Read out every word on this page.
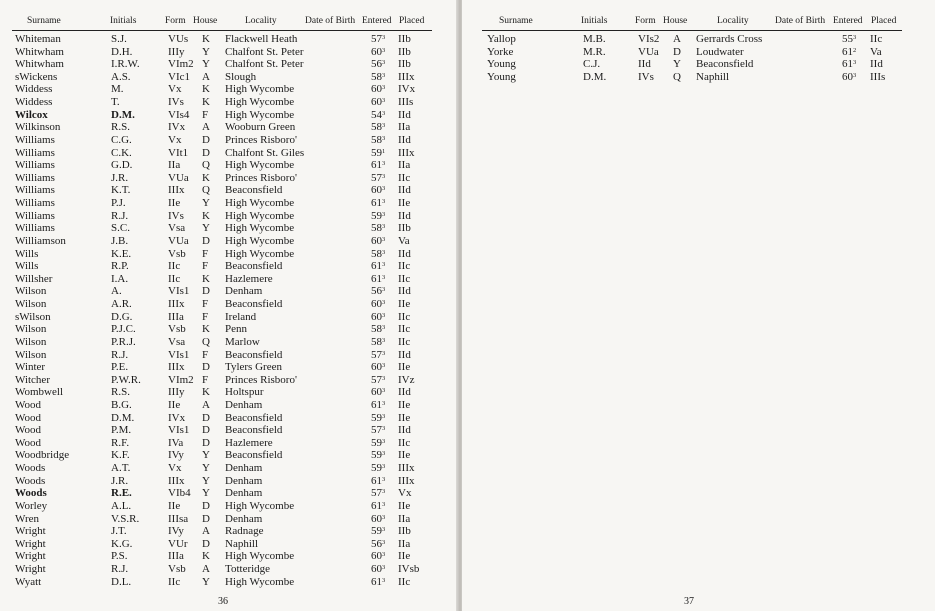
Surname	Initials	Form House	Locality	Date of Birth Entered Placed
Whiteman	S.J.	VUs K Flackwell Heath	$57^3$ IIb
Whitwham	D.H.	IIIy Y Chalfont St. Peter	$60^3$ IIb
Whitwham	I.R.W.	VIm2 Y Chalfont St. Peter	$56^3$ IIb
sWickens	A.S.	VIc1 A Slough	$58^3$ IIIx
Widdess	M.	Vx K High Wycombe	$60^3$ IVx
Widdess	T.	IVs K High Wycombe	$60^3$ IIIs
Wilcox	D.M.	VIs4 F High Wycombe	$54^3$ IId
Wilkinson	R.S.	IVx A Wooburn Green	$58^3$ IIa
Williams	C.G.	Vx D Princes Risboro'	$58^3$ IId
Williams	C.K.	VIt1 D Chalfont St. Giles	$59^1$ IIIx
Williams	G.D.	IIa Q High Wycombe	$61^3$ IIa
Williams	J.R.	VUa K Princes Risboro'	$57^3$ IIc
Williams	K.T.	IIIx Q Beaconsfield	$60^3$ IId
Williams	P.J.	IIe Y High Wycombe	$61^3$ IIe
Williams	R.J.	IVs K High Wycombe	$59^3$ IId
Williams	S.C.	Vsa Y High Wycombe	$58^3$ IIb
Williamson	J.B.	VUa D High Wycombe	$60^3$ Va
Wills	K.E.	Vsb F High Wycombe	$58^3$ IId
Wills	R.P.	IIc F Beaconsfield	$61^3$ IIc
Willsher	I.A.	IIc K Hazlemere	$61^3$ IIc
Wilson	A.	VIs1 D Denham	$56^3$ IId
Wilson	A.R.	IIIx F Beaconsfield	$60^3$ IIe
sWilson	D.G.	IIIa F Ireland	$60^3$ IIc
Wilson	P.J.C.	Vsb K Penn	$58^3$ IIc
Wilson	P.R.J.	Vsa Q Marlow	$58^3$ IIc
Wilson	R.J.	VIs1 F Beaconsfield	$57^3$ IId
Winter	P.E.	IIIx D Tylers Green	$60^3$ IIe
Witcher	P.W.R. VIm2 F Princes Risboro'	$57^3$ IVz
Wombwell	R.S.	IIIy K Holtspur	$60^3$ IId
Wood	B.G.	IIe A Denham	$61^3$ IIe
Wood	D.M.	IVx D Beaconsfield	$59^3$ IIe
Wood	P.M.	VIs1 D Beaconsfield	$57^3$ IId
Wood	R.F.	IVa D Hazlemere	$59^3$ IIc
Woodbridge	K.F.	IVy Y Beaconsfield	$59^3$ IIe
Woods	A.T.	Vx Y Denham	$59^3$ IIIx
Woods	J.R.	IIIx Y Denham	$61^3$ IIIx
Woods	R.E.	VIb4 Y Denham	$57^3$ Vx
Worley	A.L.	IIe D High Wycombe	$61^3$ IIe
Wren	V.S.R.	IIIsa D Denham	$60^3$ IIa
Wright	J.T.	IVy A Radnage	$59^3$ IIb
Wright	K.G.	VUr D Naphill	$56^3$ IIa
Wright	P.S.	IIIa K High Wycombe	$60^3$ IIe
Wright	R.J.	Vsb A Totteridge	$60^3$ IVsb
Wyatt	D.L.	IIc Y High Wycombe	$61^3$ IIc
36
Surname	Initials	Form House	Locality	Date of Birth Entered Placed
Yallop	M.B.	VIs2 A Gerrards Cross	$55^3$ IIc
Yorke	M.R.	VUa D Loudwater	$61^2$ Va
Young	C.J.	IId Y Beaconsfield	$61^3$ IId
Young	D.M.	IVs Q Naphill	$60^3$ IIIs
37
